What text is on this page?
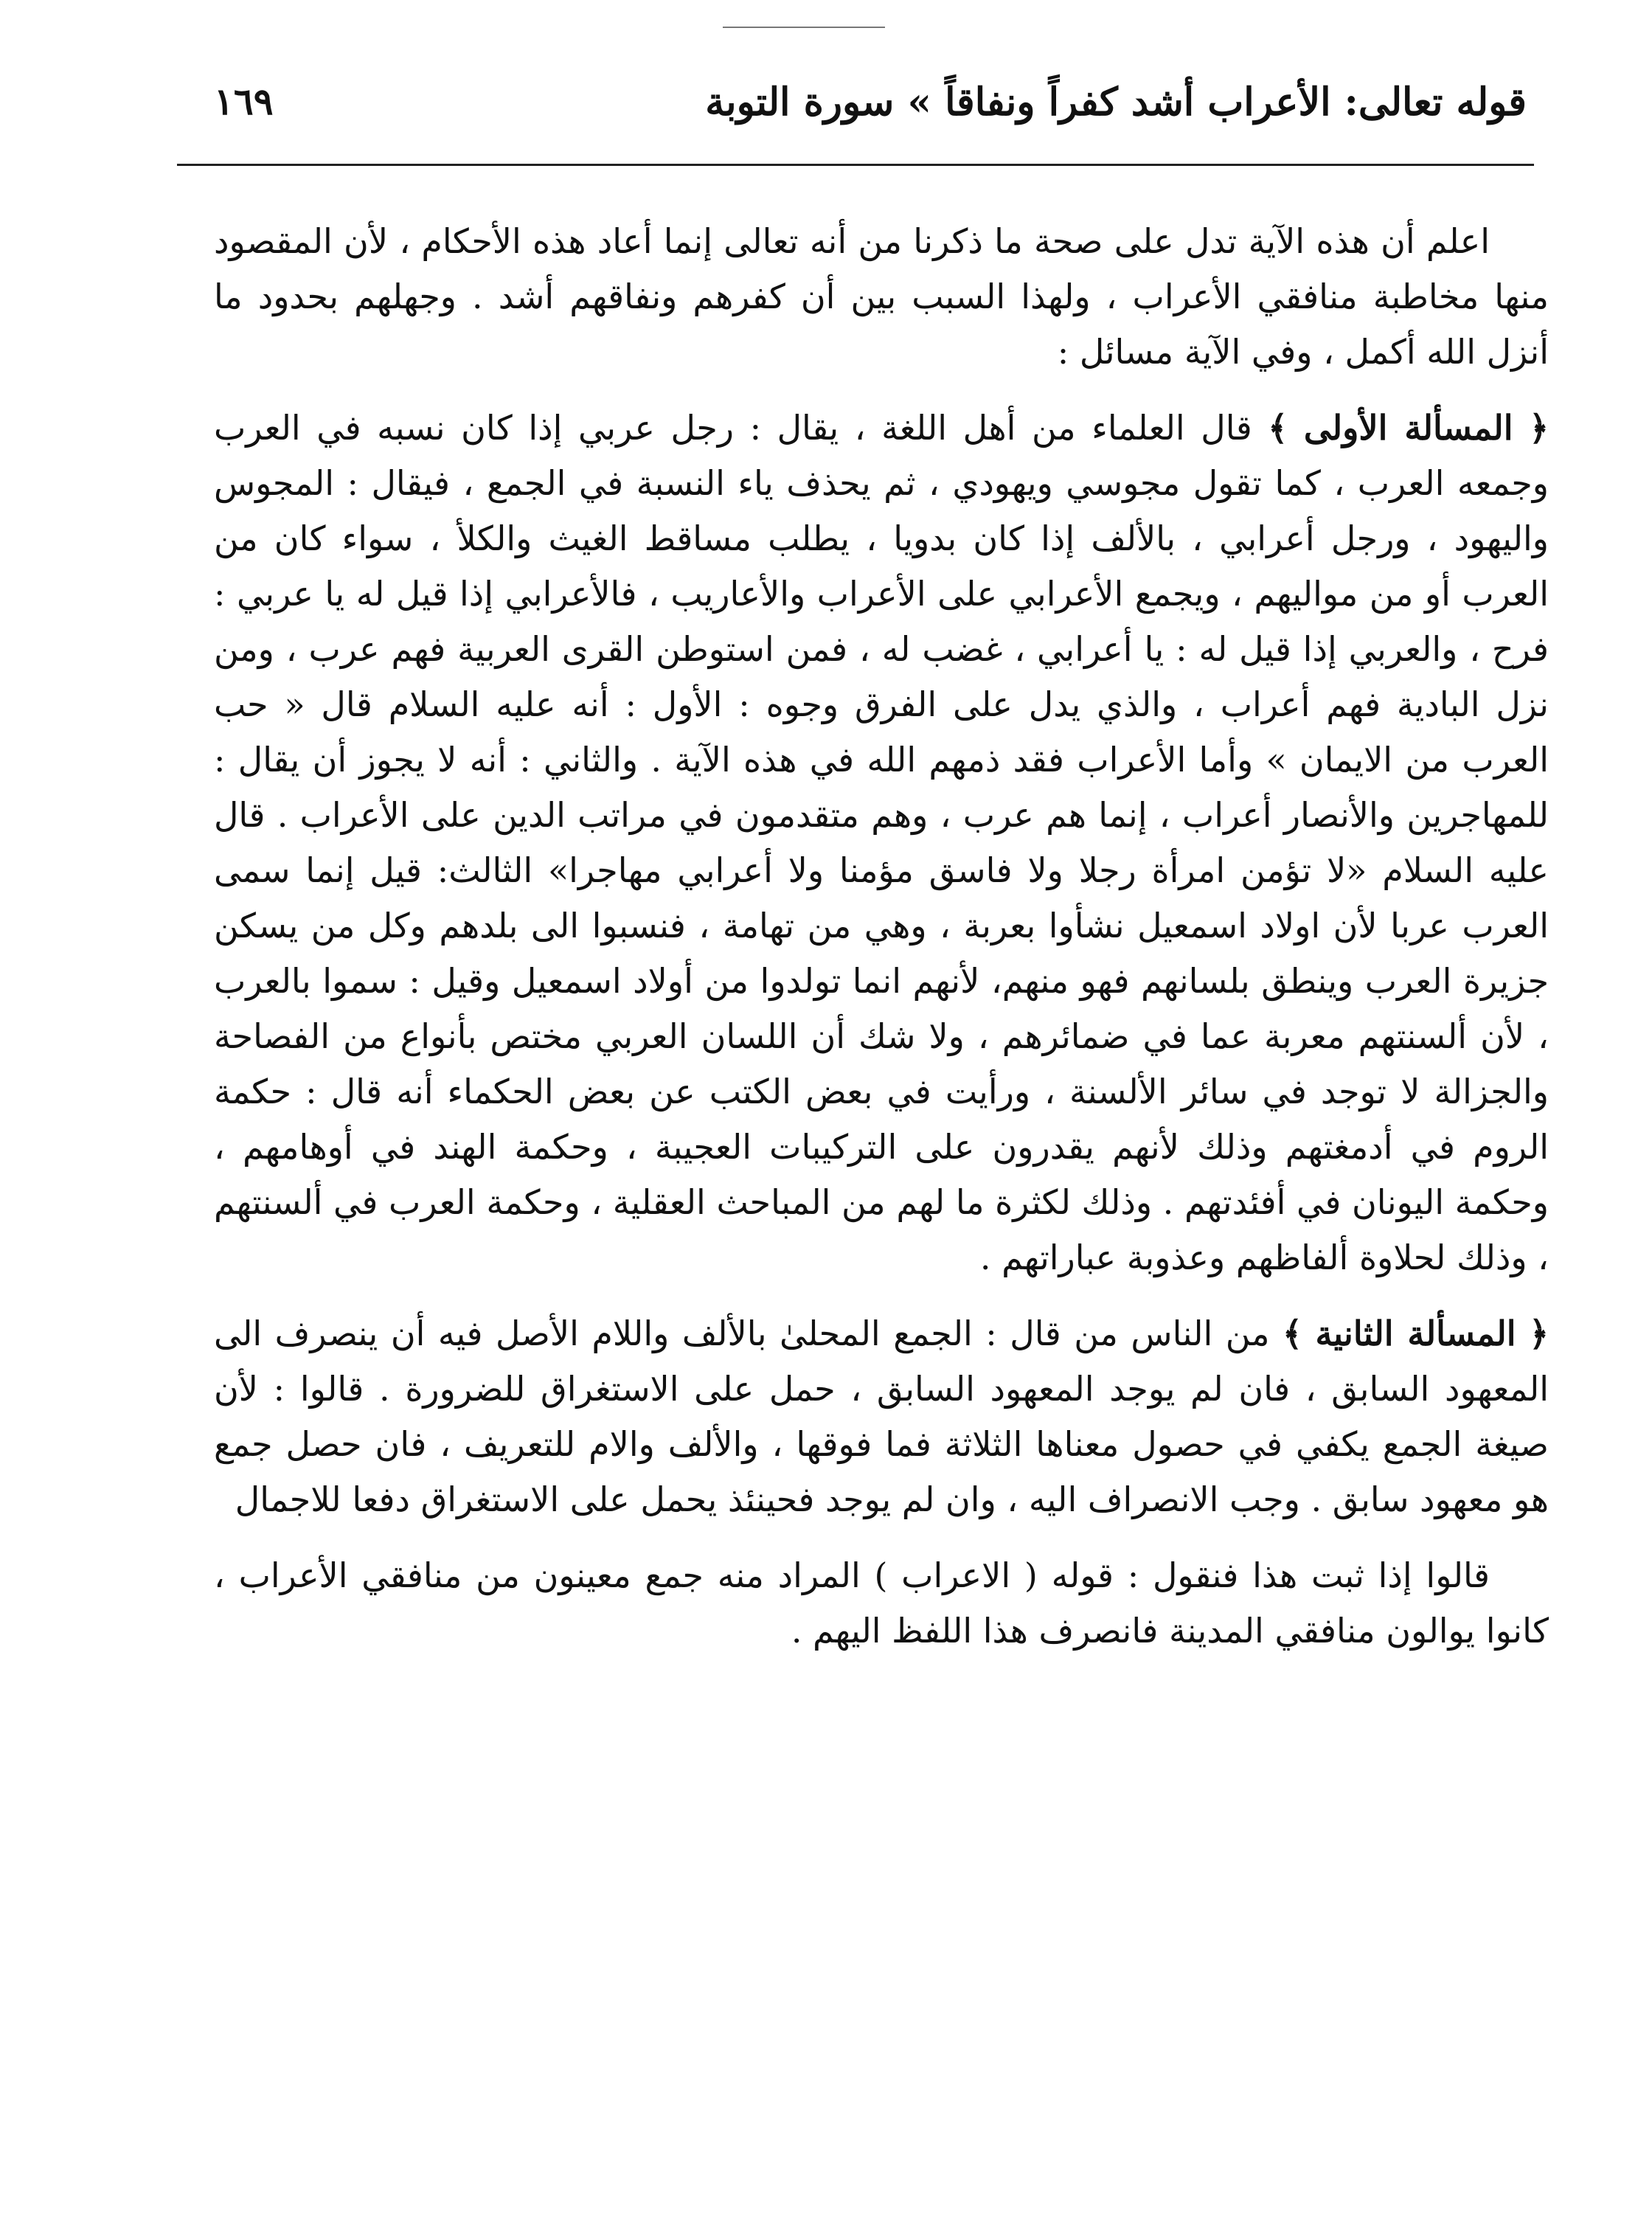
قوله تعالى: الأعراب أشد كفراً ونفاقاً » سورة التوبة
١٦٩

اعلم أن هذه الآية تدل على صحة ما ذكرنا من أنه تعالى إنما أعاد هذه الأحكام ، لأن المقصود منها مخاطبة منافقي الأعراب ، ولهذا السبب بين أن كفرهم ونفاقهم أشد . وجهلهم بحدود ما أنزل الله أكمل ، وفي الآية مسائل :

﴿ المسألة الأولى ﴾ قال العلماء من أهل اللغة ، يقال : رجل عربي إذا كان نسبه في العرب وجمعه العرب ، كما تقول مجوسي ويهودي ، ثم يحذف ياء النسبة في الجمع ، فيقال : المجوس واليهود ، ورجل أعرابي ، بالألف إذا كان بدويا ، يطلب مساقط الغيث والكلأ ، سواء كان من العرب أو من مواليهم ، ويجمع الأعرابي على الأعراب والأعاريب ، فالأعرابي إذا قيل له يا عربي : فرح ، والعربي إذا قيل له : يا أعرابي ، غضب له ، فمن استوطن القرى العربية فهم عرب ، ومن نزل البادية فهم أعراب ، والذي يدل على الفرق وجوه : الأول : أنه عليه السلام قال « حب العرب من الايمان » وأما الأعراب فقد ذمهم الله في هذه الآية . والثاني : أنه لا يجوز أن يقال : للمهاجرين والأنصار أعراب ، إنما هم عرب ، وهم متقدمون في مراتب الدين على الأعراب . قال عليه السلام «لا تؤمن امرأة رجلا ولا فاسق مؤمنا ولا أعرابي مهاجرا» الثالث: قيل إنما سمى العرب عربا لأن اولاد اسمعيل نشأوا بعربة ، وهي من تهامة ، فنسبوا الى بلدهم وكل من يسكن جزيرة العرب وينطق بلسانهم فهو منهم، لأنهم انما تولدوا من أولاد اسمعيل وقيل : سموا بالعرب ، لأن ألسنتهم معربة عما في ضمائرهم ، ولا شك أن اللسان العربي مختص بأنواع من الفصاحة والجزالة لا توجد في سائر الألسنة ، ورأيت في بعض الكتب عن بعض الحكماء أنه قال : حكمة الروم في أدمغتهم وذلك لأنهم يقدرون على التركيبات العجيبة ، وحكمة الهند في أوهامهم ، وحكمة اليونان في أفئدتهم . وذلك لكثرة ما لهم من المباحث العقلية ، وحكمة العرب في ألسنتهم ، وذلك لحلاوة ألفاظهم وعذوبة عباراتهم .

﴿ المسألة الثانية ﴾ من الناس من قال : الجمع المحلىٰ بالألف واللام الأصل فيه أن ينصرف الى المعهود السابق ، فان لم يوجد المعهود السابق ، حمل على الاستغراق للضرورة . قالوا : لأن صيغة الجمع يكفي في حصول معناها الثلاثة فما فوقها ، والألف والام للتعريف ، فان حصل جمع هو معهود سابق . وجب الانصراف اليه ، وان لم يوجد فحينئذ يحمل على الاستغراق دفعا للاجمال

قالوا إذا ثبت هذا فنقول : قوله ( الاعراب ) المراد منه جمع معينون من منافقي الأعراب ، كانوا يوالون منافقي المدينة فانصرف هذا اللفظ اليهم .
